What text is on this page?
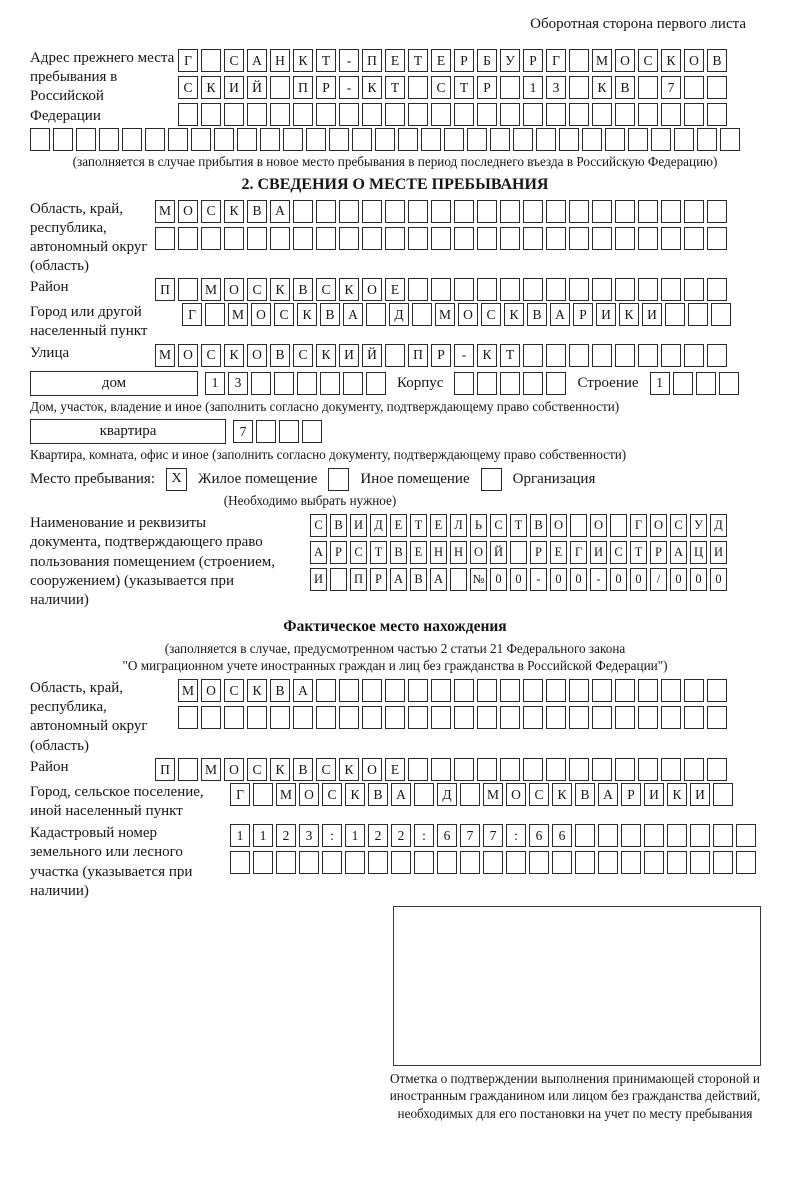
Оборотная сторона первого листа
Адрес прежнего места пребывания в Российской Федерации
Г	С	А Н	К	Т	-	П	Е	Т	Е	Р	Б	У	Р	Г	М О	С	К	О	В
С	К	И Й	П	Р	-	К	Т	С	Т	Р	1	3	К	В	7
(заполняется в случае прибытия в новое место пребывания в период последнего въезда в Российскую Федерацию)
2. СВЕДЕНИЯ О МЕСТЕ ПРЕБЫВАНИЯ
Область, край, республика, автономный округ (область)
М О	С	К	В	А
Район	П	М О	С	К	В	С	К	О	Е
Город или другой населенный пункт
Г	М О	С	К	В	А	Д	М О	С	К	В	А	Р	И	К	И
Улица	М О	С	К	О	В	С	К	И Й	П	Р	-	К	Т
дом	1	3	Корпус	Строение	1
Дом, участок, владение и иное (заполнить согласно документу, подтверждающему право собственности)
квартира	7
Квартира, комната, офис и иное (заполнить согласно документу, подтверждающему право собственности)
Место пребывания:	X	Жилое помещение	Иное помещение	Организация
(Необходимо выбрать нужное)
Наименование и реквизиты документа, подтверждающего право пользования помещением (строением, сооружением) (указывается при наличии)
С В И Д Е Т Е Л Ь С Т В О	О	Г О С У Д
А Р С Т В Е Н Н О Й	Р	Е	Г И С Т	Р А Ц И
И	П Р А В А	№ 0	0	-	0	0	-	0	0	/	0	0	0
Фактическое место нахождения
(заполняется в случае, предусмотренном частью 2 статьи 21 Федерального закона
"О миграционном учете иностранных граждан и лиц без гражданства в Российской Федерации")
Область, край, республика, автономный округ (область)
М О	С	К	В	А
Район	П	М О	С	К	В	С	К	О	Е
Город, сельское поселение, иной населенный пункт
Г	М О	С	К	В	А	Д	М О	С	К	В	А	Р	И	К	И
Кадастровый номер земельного или лесного участка (указывается при наличии)
1	1	2	3	:	1	2	2	:	6	7	7	:	6	6
Отметка о подтверждении выполнения принимающей стороной и иностранным гражданином или лицом без гражданства действий, необходимых для его постановки на учет по месту пребывания
